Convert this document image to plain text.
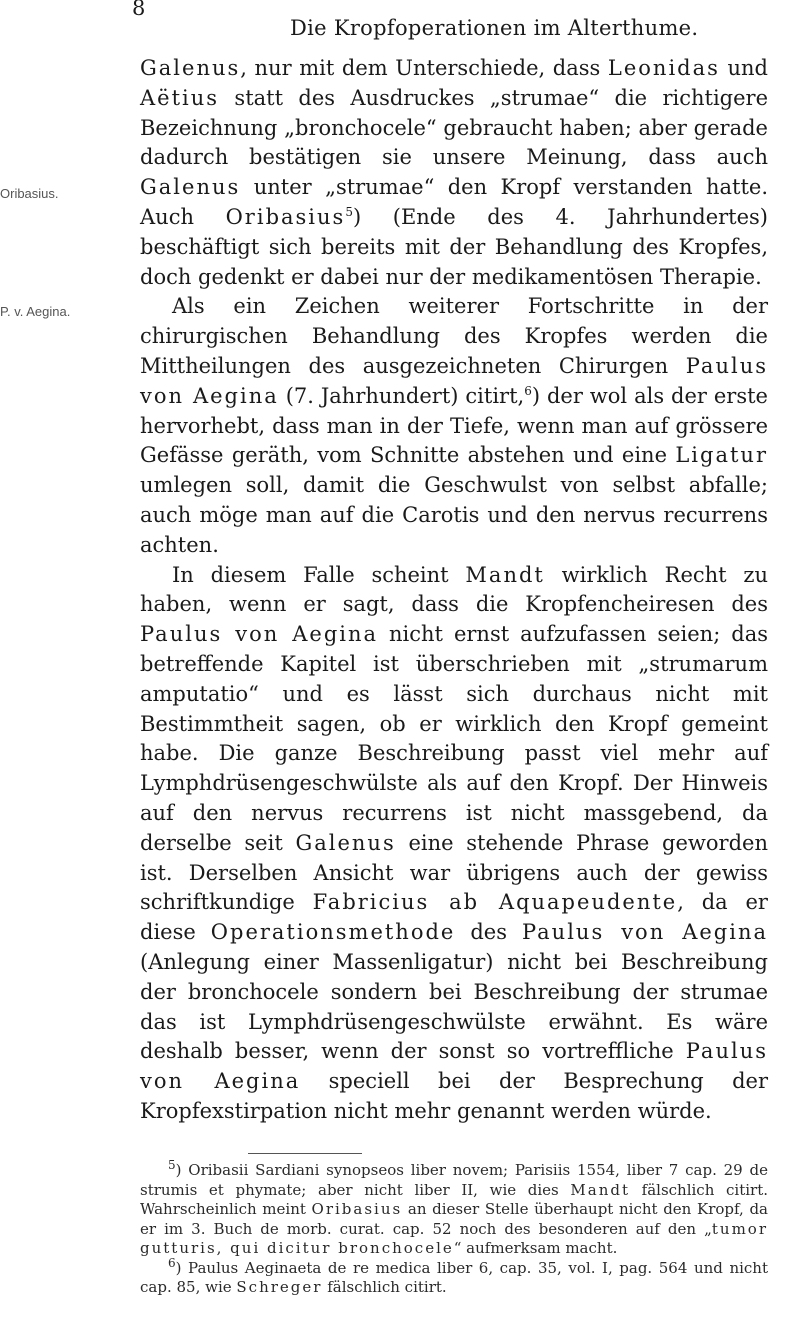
8
Die Kropfoperationen im Alterthume.
Oribasius.
P. v. Aegina.

Galenus, nur mit dem Unterschiede, dass Leonidas und Aëtius statt des Ausdruckes „strumae“ die richtigere Bezeichnung „bronchocele“ gebraucht haben; aber gerade dadurch bestätigen sie unsere Meinung, dass auch Galenus unter „strumae“ den Kropf verstanden hatte. Auch Oribasius$^5$) (Ende des 4. Jahrhundertes) beschäftigt sich bereits mit der Behandlung des Kropfes, doch gedenkt er dabei nur der medikamentösen Therapie.

Als ein Zeichen weiterer Fortschritte in der chirurgischen Behandlung des Kropfes werden die Mittheilungen des ausgezeichneten Chirurgen Paulus von Aegina (7. Jahrhundert) citirt,$^6$) der wol als der erste hervorhebt, dass man in der Tiefe, wenn man auf grössere Gefässe geräth, vom Schnitte abstehen und eine Ligatur umlegen soll, damit die Geschwulst von selbst abfalle; auch möge man auf die Carotis und den nervus recurrens achten.

In diesem Falle scheint Mandt wirklich Recht zu haben, wenn er sagt, dass die Kropfencheiresen des Paulus von Aegina nicht ernst aufzufassen seien; das betreffende Kapitel ist überschrieben mit „strumarum amputatio“ und es lässt sich durchaus nicht mit Bestimmtheit sagen, ob er wirklich den Kropf gemeint habe. Die ganze Beschreibung passt viel mehr auf Lymphdrüsengeschwülste als auf den Kropf. Der Hinweis auf den nervus recurrens ist nicht massgebend, da derselbe seit Galenus eine stehende Phrase geworden ist. Derselben Ansicht war übrigens auch der gewiss schriftkundige Fabricius ab Aquapeudente, da er diese Operationsmethode des Paulus von Aegina (Anlegung einer Massenligatur) nicht bei Beschreibung der bronchocele sondern bei Beschreibung der strumae das ist Lymphdrüsengeschwülste erwähnt. Es wäre deshalb besser, wenn der sonst so vortreffliche Paulus von Aegina speciell bei der Besprechung der Kropfexstirpation nicht mehr genannt werden würde.

$^5$) Oribasii Sardiani synopseos liber novem; Parisiis 1554, liber 7 cap. 29 de strumis et phymate; aber nicht liber II, wie dies Mandt fälschlich citirt. Wahrscheinlich meint Oribasius an dieser Stelle überhaupt nicht den Kropf, da er im 3. Buch de morb. curat. cap. 52 noch des besonderen auf den „tumor gutturis, qui dicitur bronchocele“ aufmerksam macht.

$^6$) Paulus Aeginaeta de re medica liber 6, cap. 35, vol. I, pag. 564 und nicht cap. 85, wie Schreger fälschlich citirt.
